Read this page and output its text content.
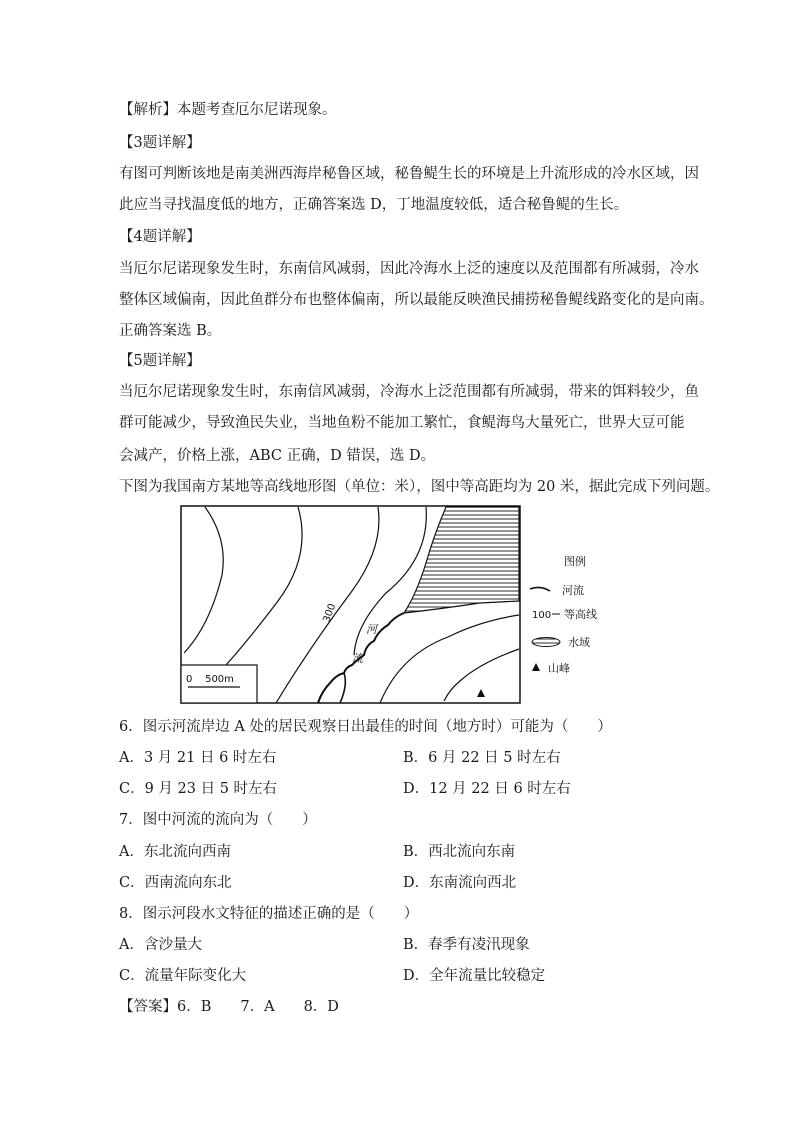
【解析】本题考查厄尔尼诺现象。
【3题详解】
有图可判断该地是南美洲西海岸秘鲁区域，秘鲁鳀生长的环境是上升流形成的冷水区域，因
此应当寻找温度低的地方，正确答案选 D，丁地温度较低，适合秘鲁鳀的生长。
【4题详解】
当厄尔尼诺现象发生时，东南信风减弱，因此冷海水上泛的速度以及范围都有所减弱，冷水
整体区域偏南，因此鱼群分布也整体偏南，所以最能反映渔民捕捞秘鲁鳀线路变化的是向南。
正确答案选 B。
【5题详解】
当厄尔尼诺现象发生时，东南信风减弱，冷海水上泛范围都有所减弱，带来的饵料较少，鱼
群可能减少，导致渔民失业，当地鱼粉不能加工繁忙，食鳀海鸟大量死亡，世界大豆可能
会减产，价格上涨，ABC 正确，D 错误，选 D。
下图为我国南方某地等高线地形图（单位：米），图中等高距均为 20 米，据此完成下列问题。
300
河
流
0    500m
图例
河流
100 等高线
水域
山峰
6．图示河流岸边 A 处的居民观察日出最佳的时间（地方时）可能为（　　）
A．3 月 21 日 6 时左右	B．6 月 22 日 5 时左右
C．9 月 23 日 5 时左右	D．12 月 22 日 6 时左右
7．图中河流的流向为（　　）
A．东北流向西南	B．西北流向东南
C．西南流向东北	D．东南流向西北
8．图示河段水文特征的描述正确的是（　　）
A．含沙量大	B．春季有凌汛现象
C．流量年际变化大	D．全年流量比较稳定
【答案】6．B　　7．A　　8．D
